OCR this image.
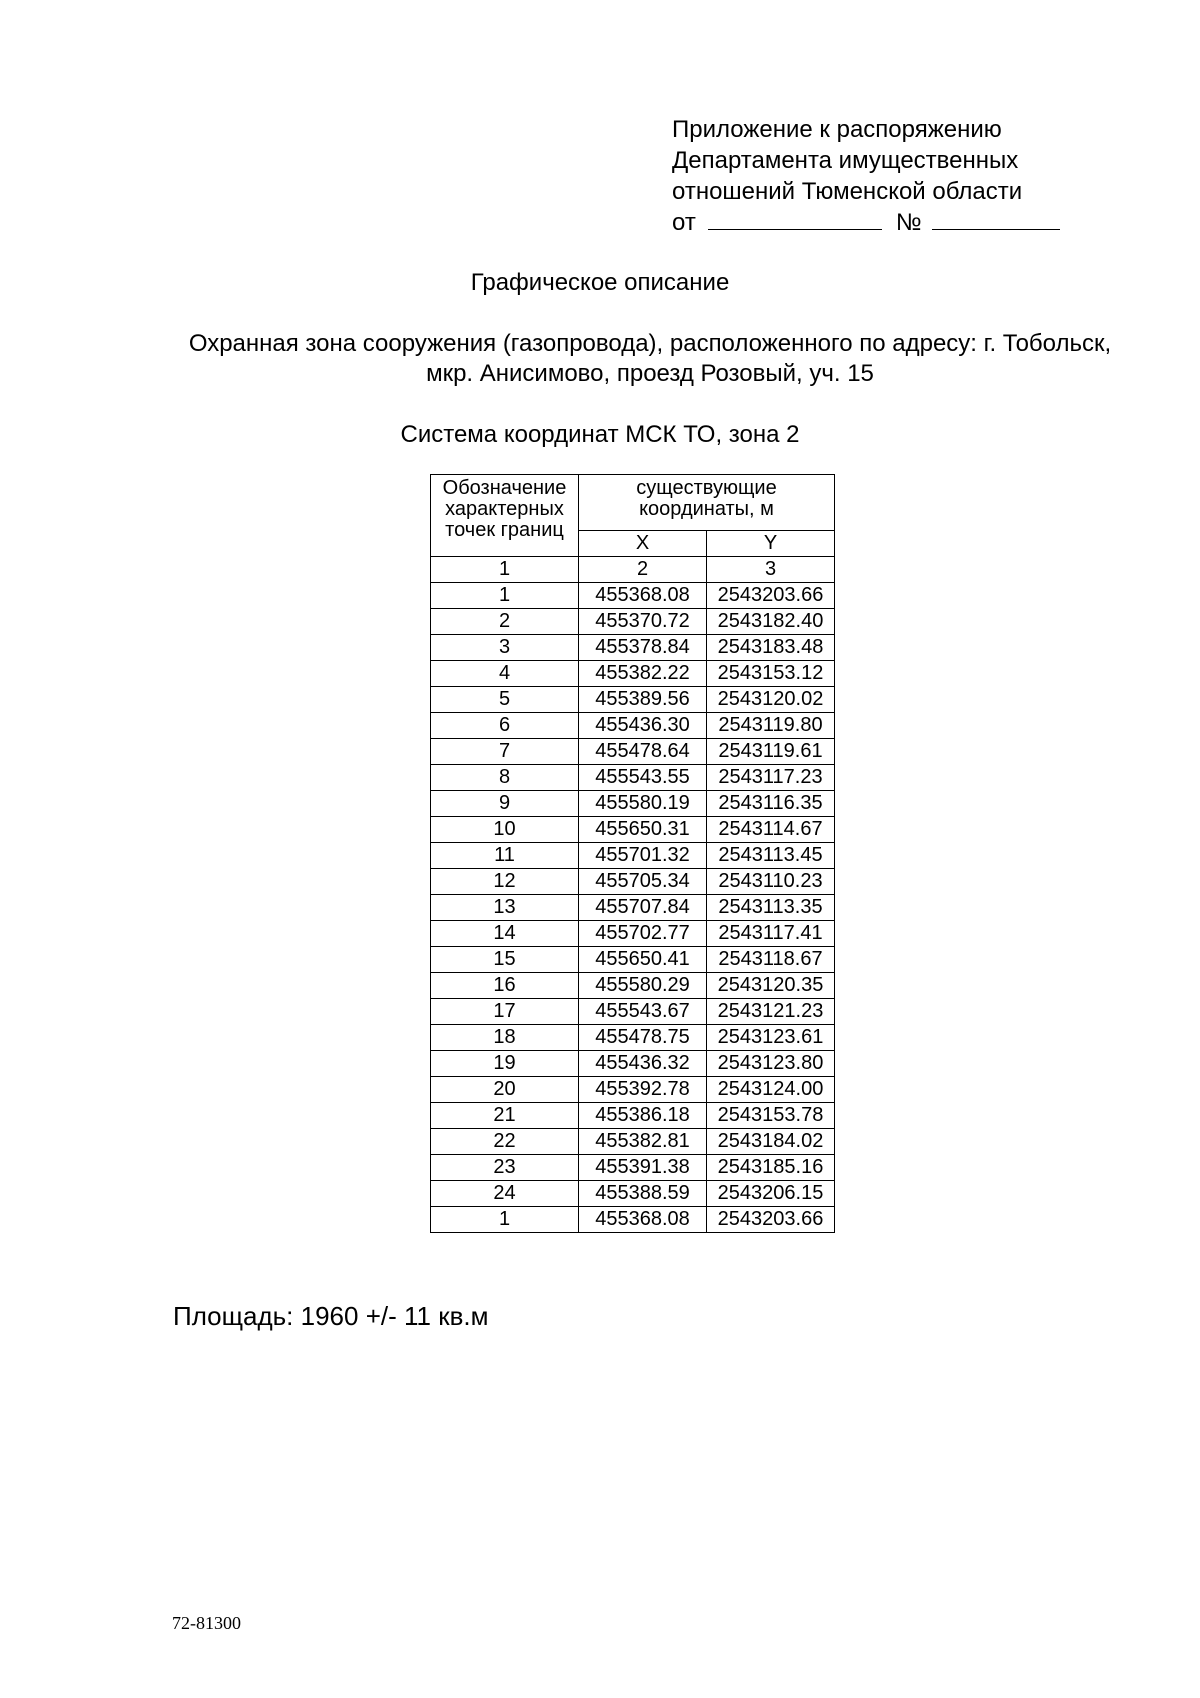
Приложение к распоряжению
Департамента имущественных
отношений Тюменской области
от	№
Графическое описание
Охранная зона сооружения (газопровода), расположенного по адресу: г. Тобольск, мкр. Анисимово, проезд Розовый, уч. 15
Система координат МСК ТО, зона 2
Обозначение характерных точек границ	существующие координаты, м	
	X	Y
1	2	3
1	455368.08	2543203.66
2	455370.72	2543182.40
3	455378.84	2543183.48
4	455382.22	2543153.12
5	455389.56	2543120.02
6	455436.30	2543119.80
7	455478.64	2543119.61
8	455543.55	2543117.23
9	455580.19	2543116.35
10	455650.31	2543114.67
11	455701.32	2543113.45
12	455705.34	2543110.23
13	455707.84	2543113.35
14	455702.77	2543117.41
15	455650.41	2543118.67
16	455580.29	2543120.35
17	455543.67	2543121.23
18	455478.75	2543123.61
19	455436.32	2543123.80
20	455392.78	2543124.00
21	455386.18	2543153.78
22	455382.81	2543184.02
23	455391.38	2543185.16
24	455388.59	2543206.15
1	455368.08	2543203.66
Площадь: 1960 +/- 11 кв.м
72-81300
